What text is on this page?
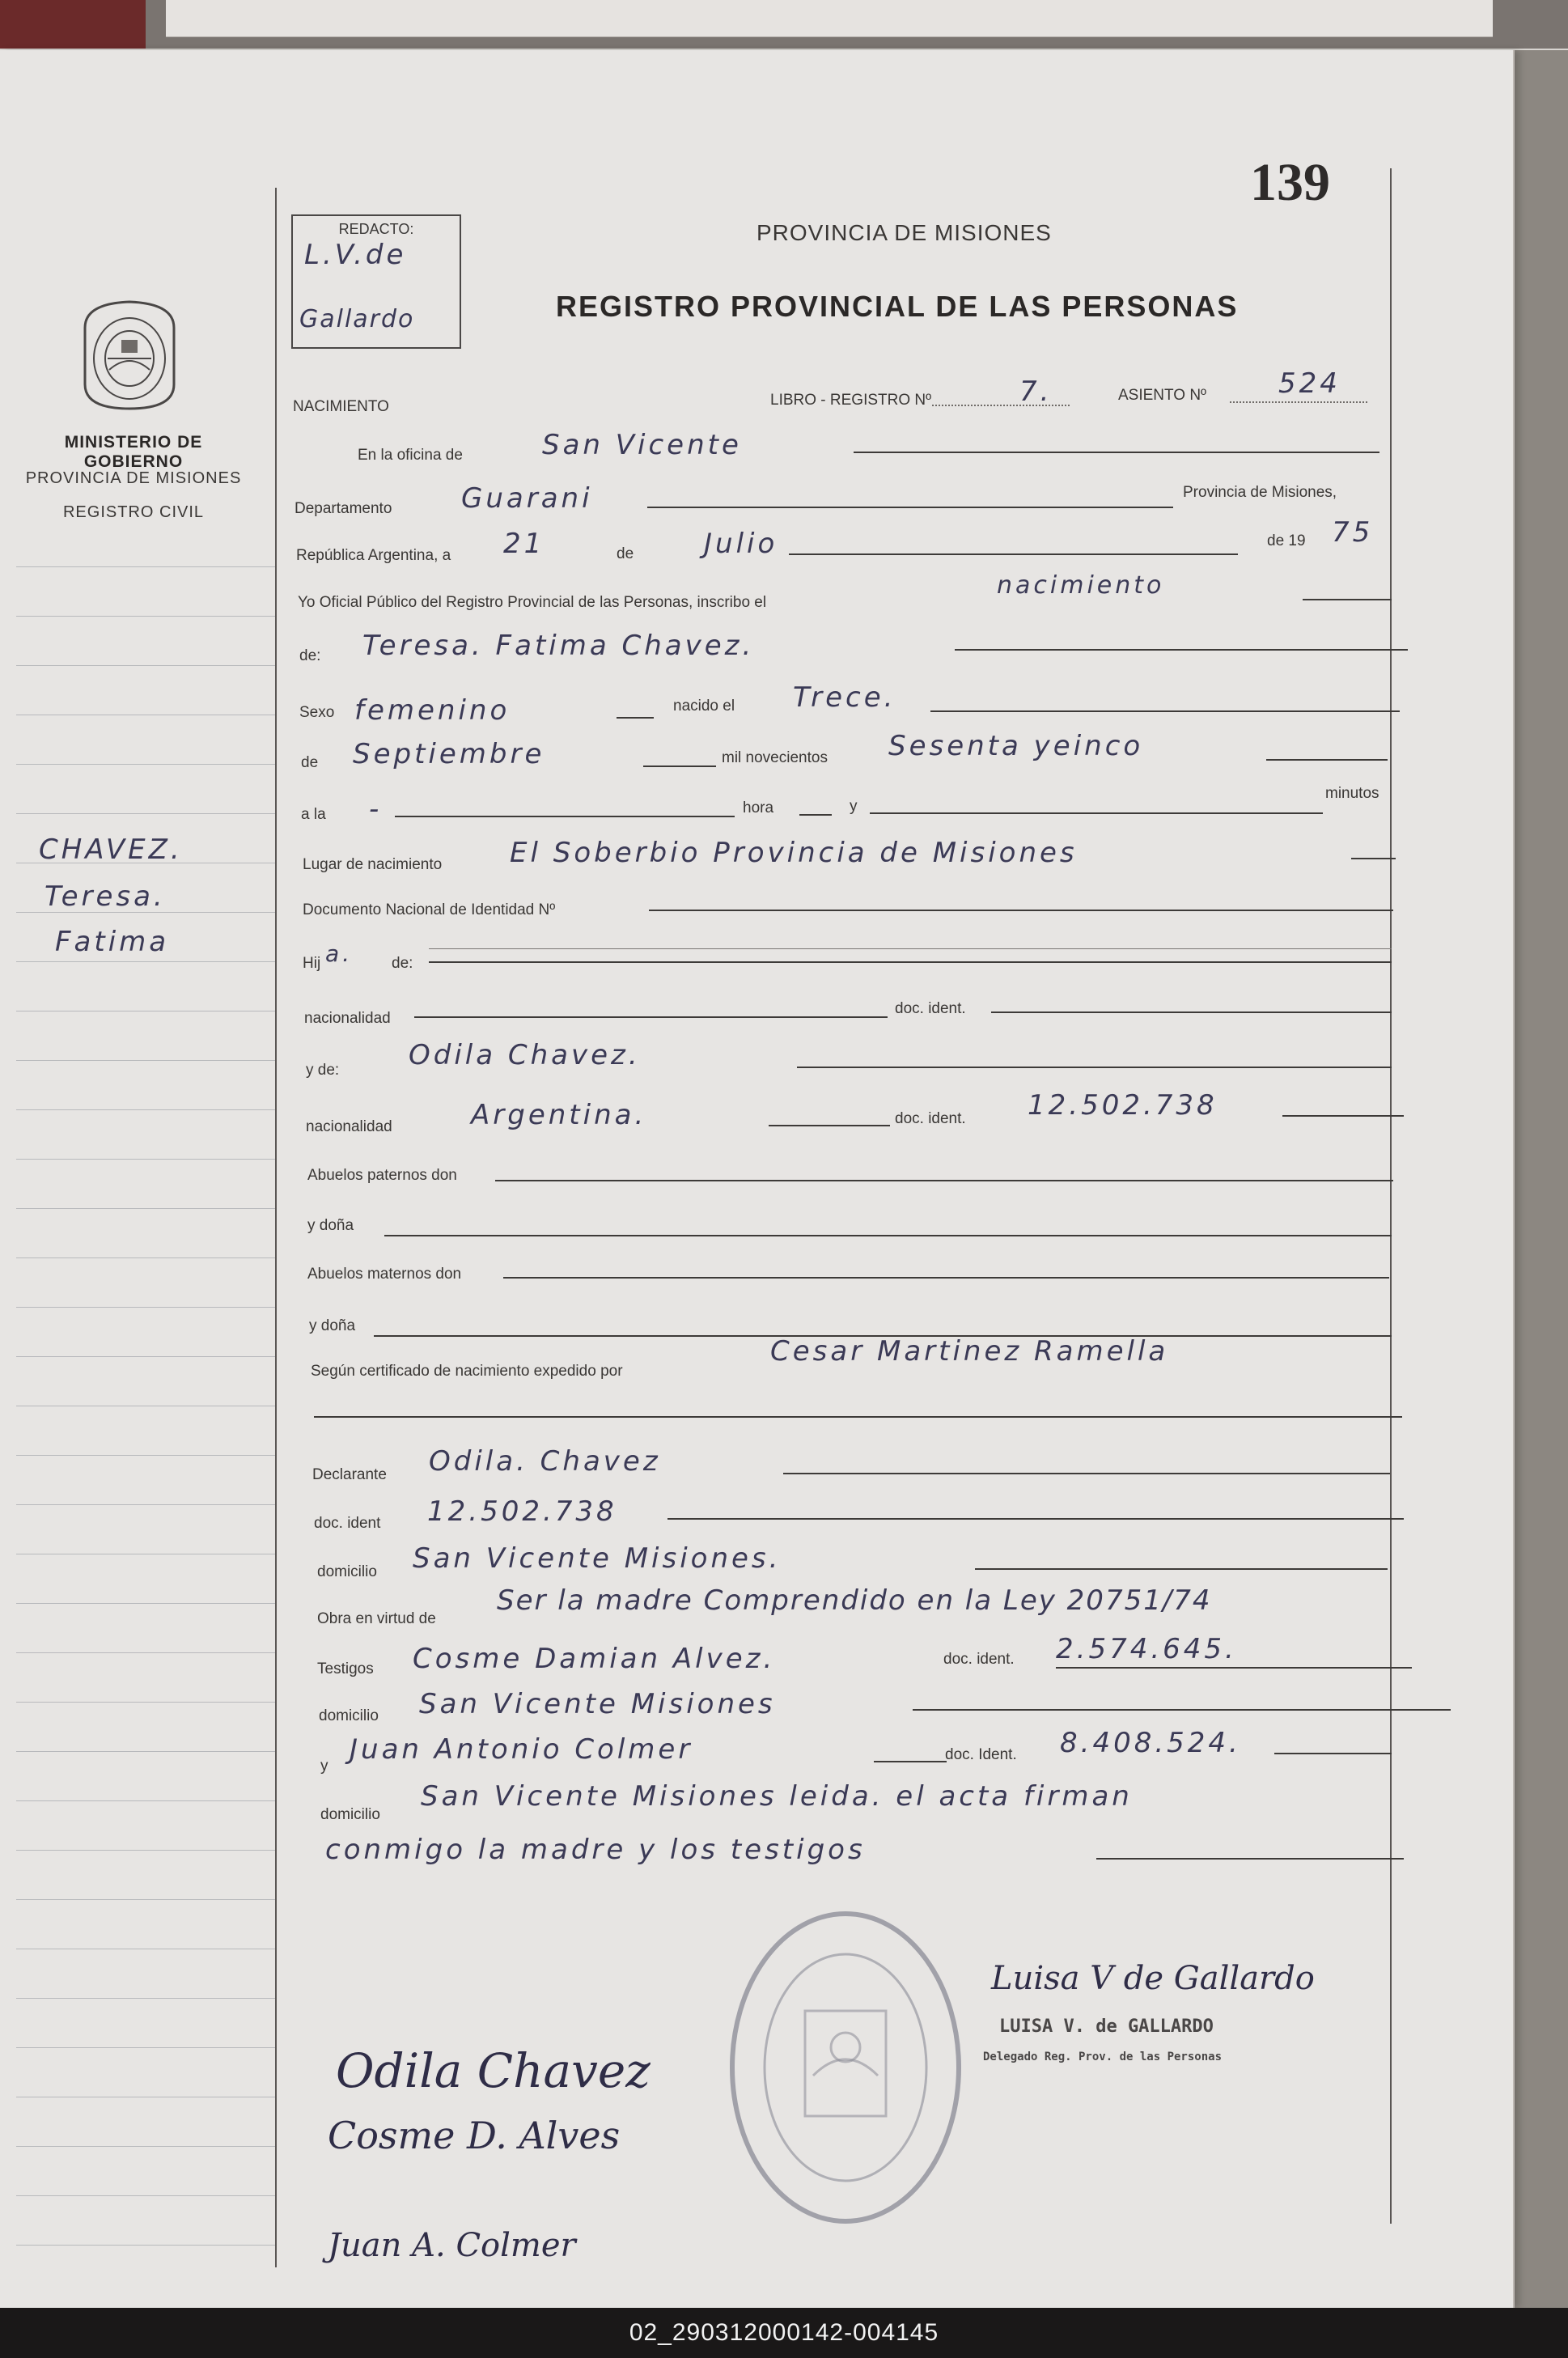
139
REDACTO:
L.V.de
Gallardo
PROVINCIA DE MISIONES
REGISTRO PROVINCIAL DE LAS PERSONAS
MINISTERIO DE GOBIERNO
PROVINCIA DE MISIONES
REGISTRO CIVIL
CHAVEZ.
Teresa.
Fatima
NACIMIENTO	LIBRO - REGISTRO Nº	7.	ASIENTO Nº	524
En la oficina de	San Vicente
Departamento	Guarani	Provincia de Misiones,
República Argentina, a 21	de	Julio	de 19 75
Yo Oficial Público del Registro Provincial de las Personas, inscribo el
nacimiento
de: Teresa. Fatima Chavez.
Sexo femenino	nacido el Trece.
de Septiembre	mil novecientos Sesenta yeinco
a la -	hora	y
minutos
Lugar de nacimiento El Soberbio Provincia de Misiones
Documento Nacional de Identidad Nº
Hij a.	de:
nacionalidad
doc. ident.
y de:	Odila Chavez.
nacionalidad	Argentina.	doc. ident. 12.502.738
Abuelos paternos don
y doña
Abuelos maternos don
y doña
Según certificado de nacimiento expedido por
Cesar Martinez Ramella
Declarante Odila. Chavez
doc. ident 12.502.738
domicilio San Vicente Misiones.
Obra en virtud de
Ser la madre Comprendido en la Ley 20751/74
Testigos Cosme Damian Alvez.	doc. ident. 2.574.645.
domicilio San Vicente Misiones
y
Juan Antonio Colmer	doc. Ident. 8.408.524.
domicilio
San Vicente Misiones leida. el acta firman
conmigo la madre y los testigos
Luisa V de Gallardo
LUISA V. de GALLARDO
Delegado Reg. Prov. de las Personas
Odila Chavez
Cosme D. Alves
Juan A. Colmer
02_290312000142-004145
